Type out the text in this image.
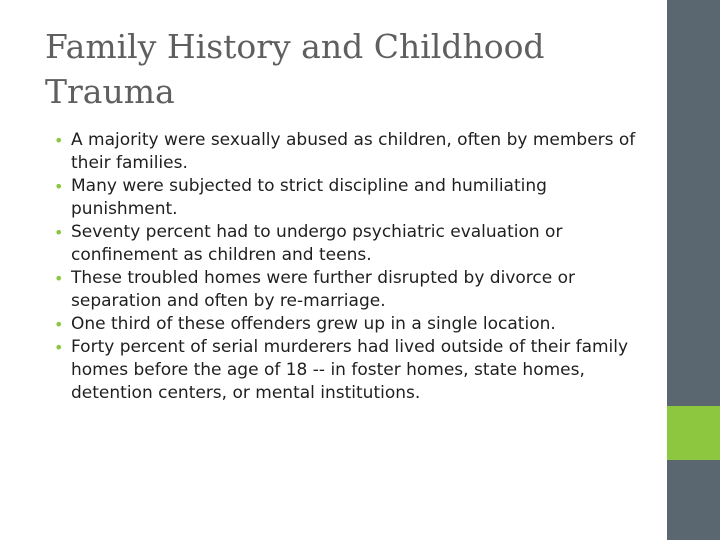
Family History and Childhood Trauma
• A majority were sexually abused as children, often by members of their families.
• Many were subjected to strict discipline and humiliating punishment.
• Seventy percent had to undergo psychiatric evaluation or confinement as children and teens.
• These troubled homes were further disrupted by divorce or separation and often by re-marriage.
• One third of these offenders grew up in a single location.
• Forty percent of serial murderers had lived outside of their family homes before the age of 18 -- in foster homes, state homes, detention centers, or mental institutions.
